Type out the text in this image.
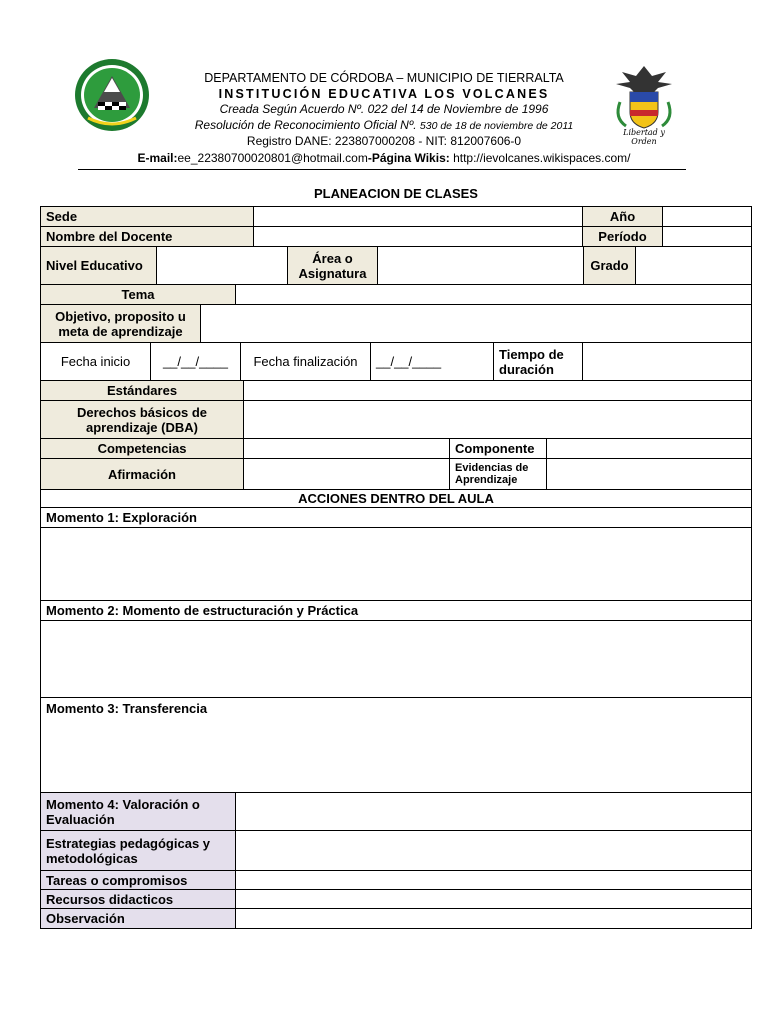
DEPARTAMENTO DE CÓRDOBA – MUNICIPIO DE TIERRALTA
INSTITUCIÓN EDUCATIVA LOS VOLCANES
Creada Según Acuerdo Nº. 022 del 14 de Noviembre de 1996
Resolución de Reconocimiento Oficial Nº. 530 de 18 de noviembre de 2011
Registro DANE: 223807000208 - NIT: 812007606-0
E-mail:ee_22380700020801@hotmail.com-Página Wikis: http://ievolcanes.wikispaces.com/
Libertad y Orden
PLANEACION DE CLASES
Sede	Año
Nombre del Docente	Período
Nivel Educativo	Área o Asignatura	Grado
Tema
Objetivo, proposito u meta de aprendizaje
Fecha inicio	__/__/____	Fecha finalización	__/__/____	Tiempo de duración
Estándares
Derechos básicos de aprendizaje (DBA)
Competencias	Componente
Afirmación	Evidencias de Aprendizaje
ACCIONES DENTRO DEL AULA
Momento 1: Exploración
Momento 2: Momento de estructuración y Práctica
Momento 3: Transferencia
Momento 4: Valoración o Evaluación
Estrategias pedagógicas y metodológicas
Tareas o compromisos
Recursos didacticos
Observación
